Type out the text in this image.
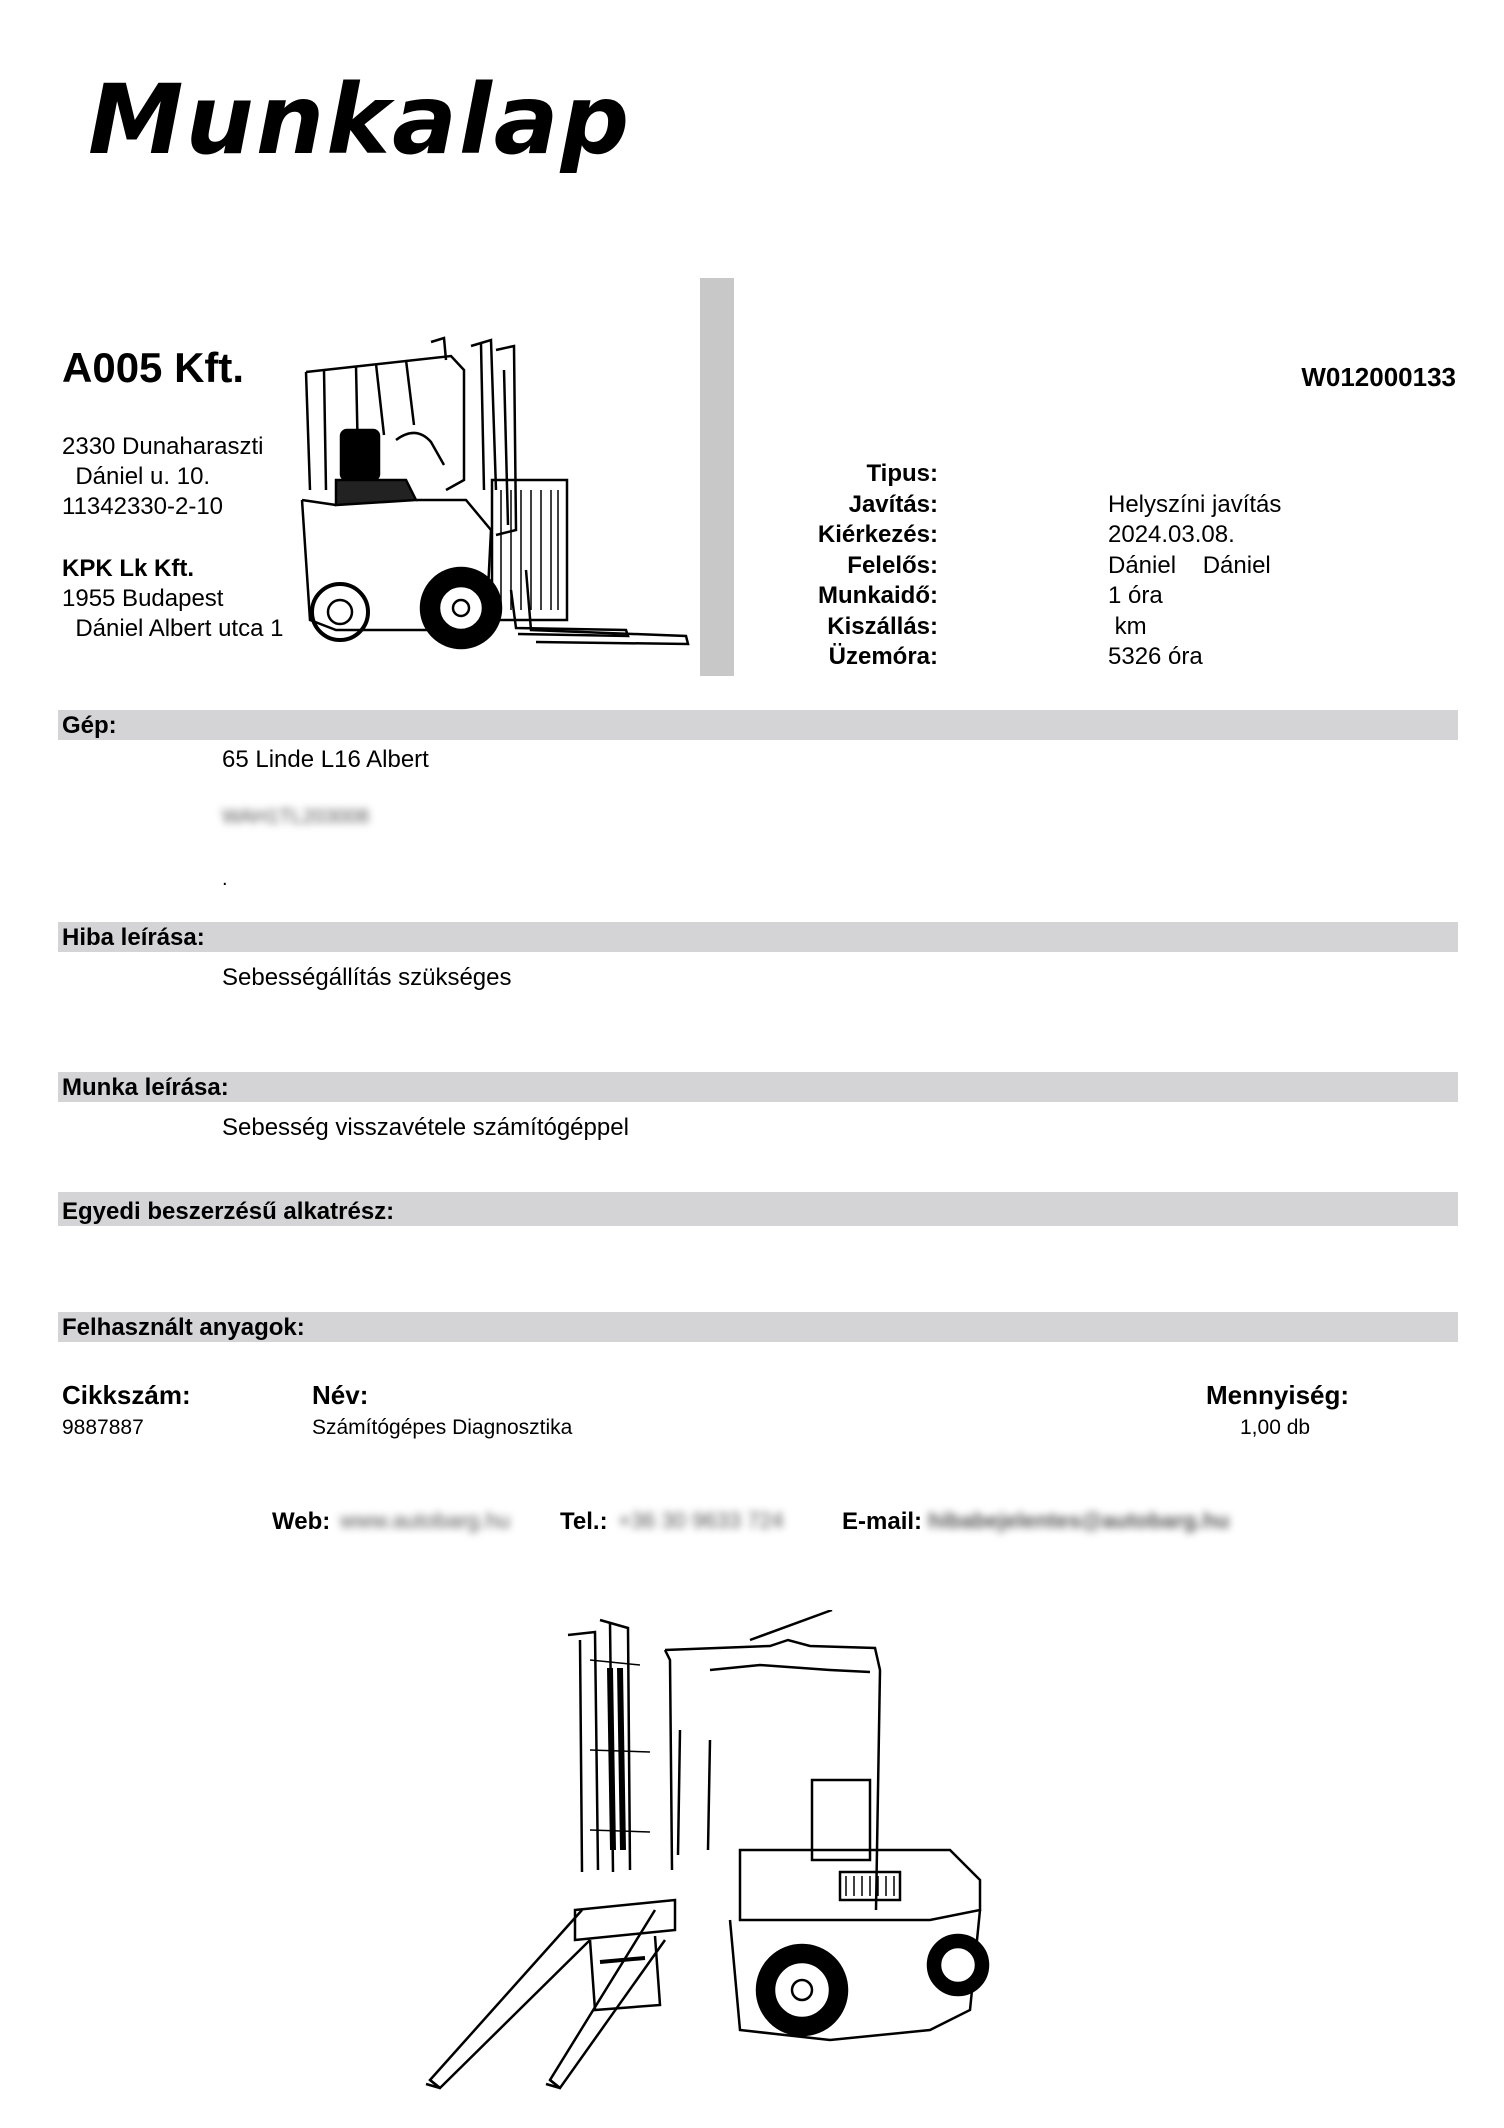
Munkalap
A005 Kft.	W012000133
2330 Dunaharaszti
Dániel u. 10.
11342330-2-10
KPK Lk Kft.
1955 Budapest
Dániel Albert utca 1
Tipus:
Javítás:	Helyszíni javítás
Kiérkezés:	2024.03.08.
Felelős:	Dániel    Dániel
Munkaidő:	1 óra
Kiszállás:	km
Üzemóra:	5326 óra
Gép:
65 Linde L16 Albert
WAH1TL203008
.
Hiba leírása:
Sebességállítás szükséges
Munka leírása:
Sebesség visszavétele számítógéppel
Egyedi beszerzésű alkatrész:
Felhasznált anyagok:
Cikkszám:	Név:	Mennyiség:
9887887	Számítógépes Diagnosztika	1,00 db
Web: www.autobarg.hu Tel.: +36 30 9633 724 E-mail: hibabejelentes@autobarg.hu
